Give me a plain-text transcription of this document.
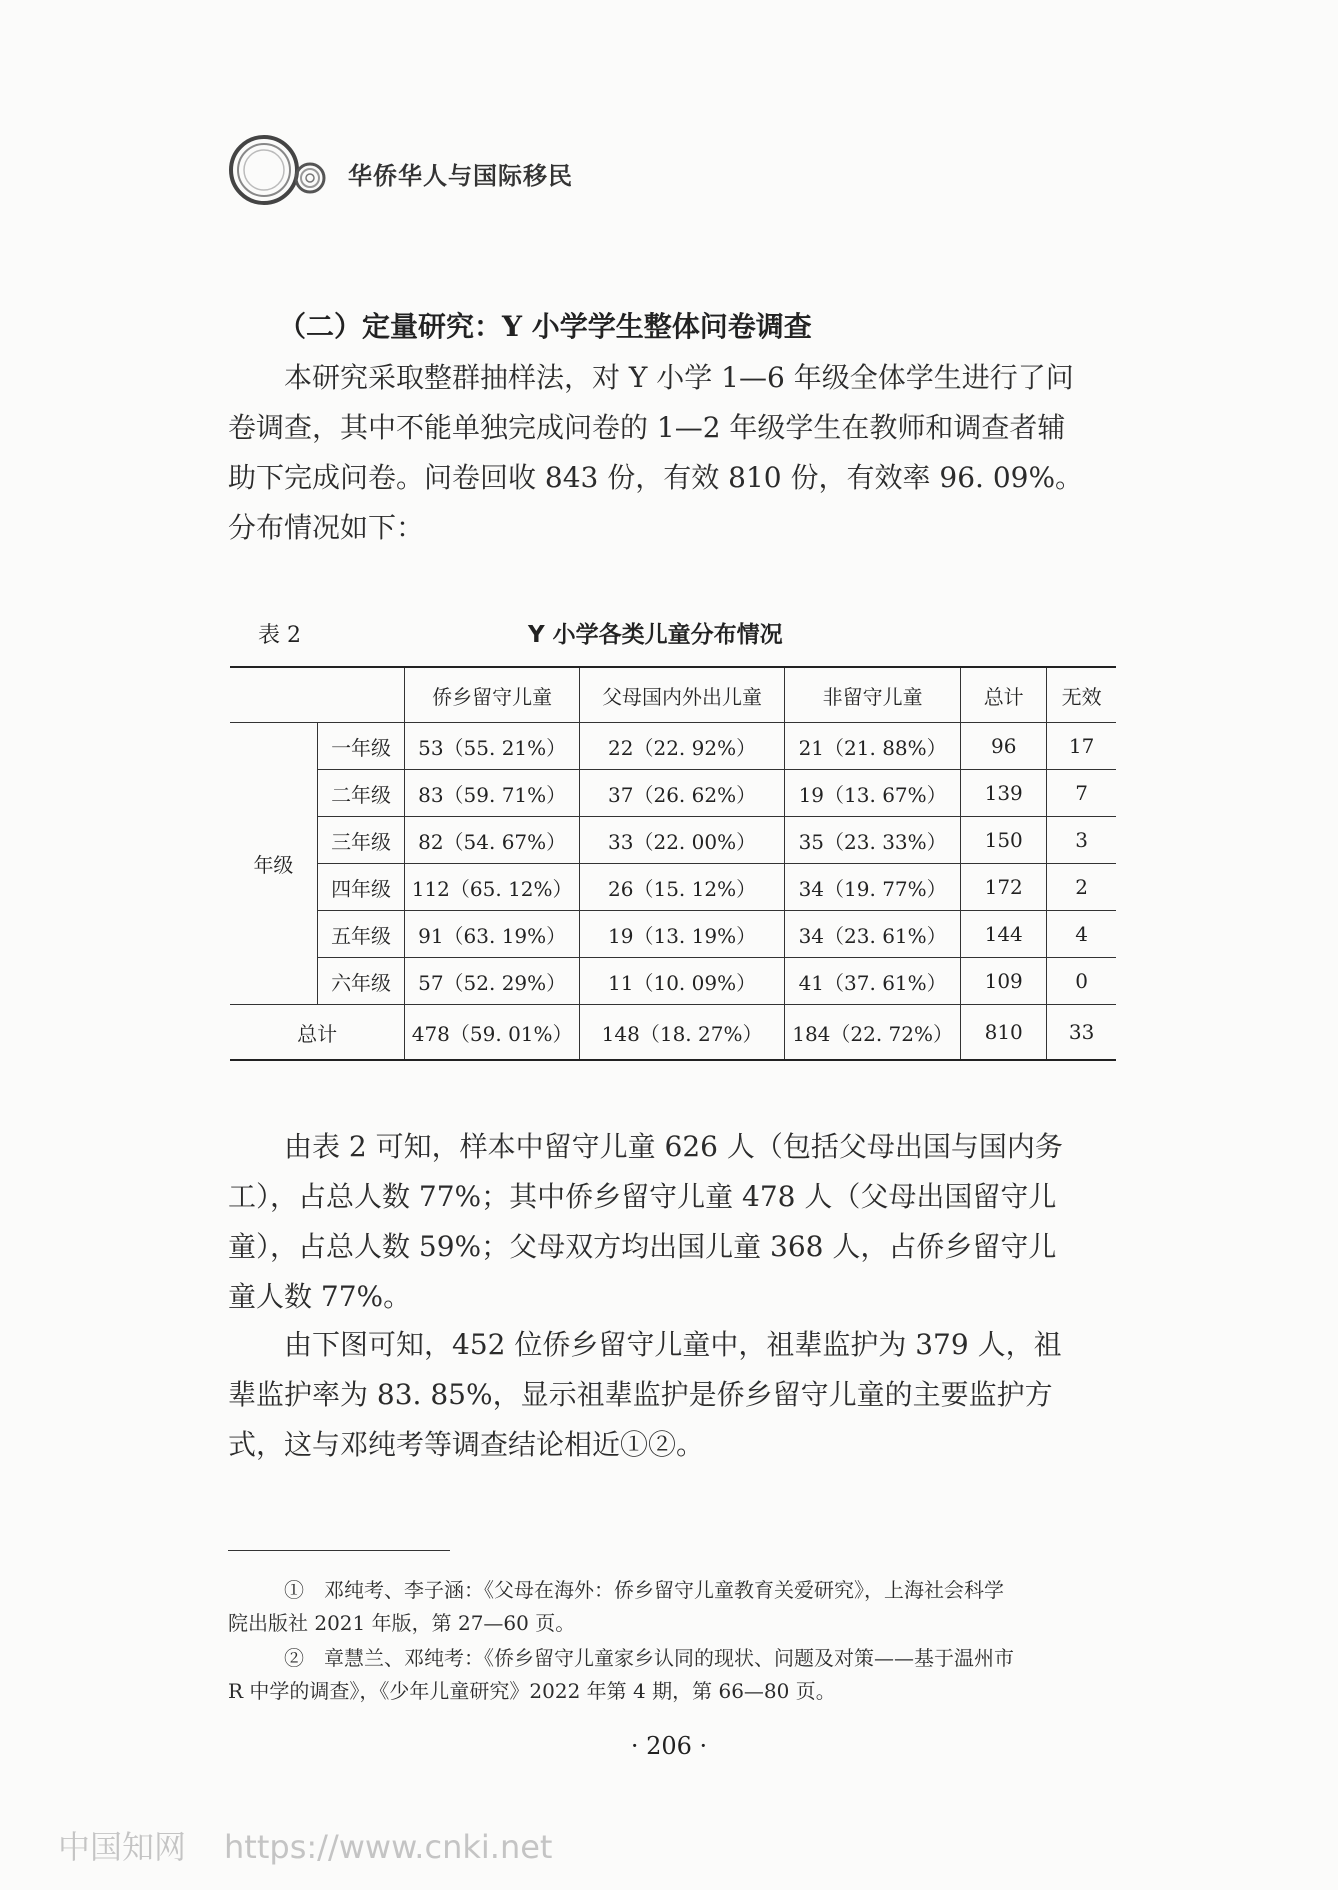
华侨华人与国际移民
（二）定量研究：Y 小学学生整体问卷调查
本研究采取整群抽样法，对 Y 小学 1—6 年级全体学生进行了问
卷调查，其中不能单独完成问卷的 1—2 年级学生在教师和调查者辅
助下完成问卷。问卷回收 843 份，有效 810 份，有效率 96. 09%。
分布情况如下：
表 2	Y 小学各类儿童分布情况
		侨乡留守儿童	父母国内外出儿童	非留守儿童	总计	无效
年级	一年级	53（55. 21%）	22（22. 92%）	21（21. 88%）	96	17
	二年级	83（59. 71%）	37（26. 62%）	19（13. 67%）	139	7
	三年级	82（54. 67%）	33（22. 00%）	35（23. 33%）	150	3
	四年级	112（65. 12%）	26（15. 12%）	34（19. 77%）	172	2
	五年级	91（63. 19%）	19（13. 19%）	34（23. 61%）	144	4
	六年级	57（52. 29%）	11（10. 09%）	41（37. 61%）	109	0
总计		478（59. 01%）	148（18. 27%）	184（22. 72%）	810	33
由表 2 可知，样本中留守儿童 626 人（包括父母出国与国内务
工），占总人数 77%；其中侨乡留守儿童 478 人（父母出国留守儿
童），占总人数 59%；父母双方均出国儿童 368 人，占侨乡留守儿
童人数 77%。
由下图可知，452 位侨乡留守儿童中，祖辈监护为 379 人，祖
辈监护率为 83. 85%，显示祖辈监护是侨乡留守儿童的主要监护方
式，这与邓纯考等调查结论相近①②。
①　邓纯考、李子涵：《父母在海外：侨乡留守儿童教育关爱研究》，上海社会科学
院出版社 2021 年版，第 27—60 页。
②　章慧兰、邓纯考：《侨乡留守儿童家乡认同的现状、问题及对策——基于温州市
R 中学的调查》，《少年儿童研究》2022 年第 4 期，第 66—80 页。
· 206 ·
中国知网 https://www.cnki.net
